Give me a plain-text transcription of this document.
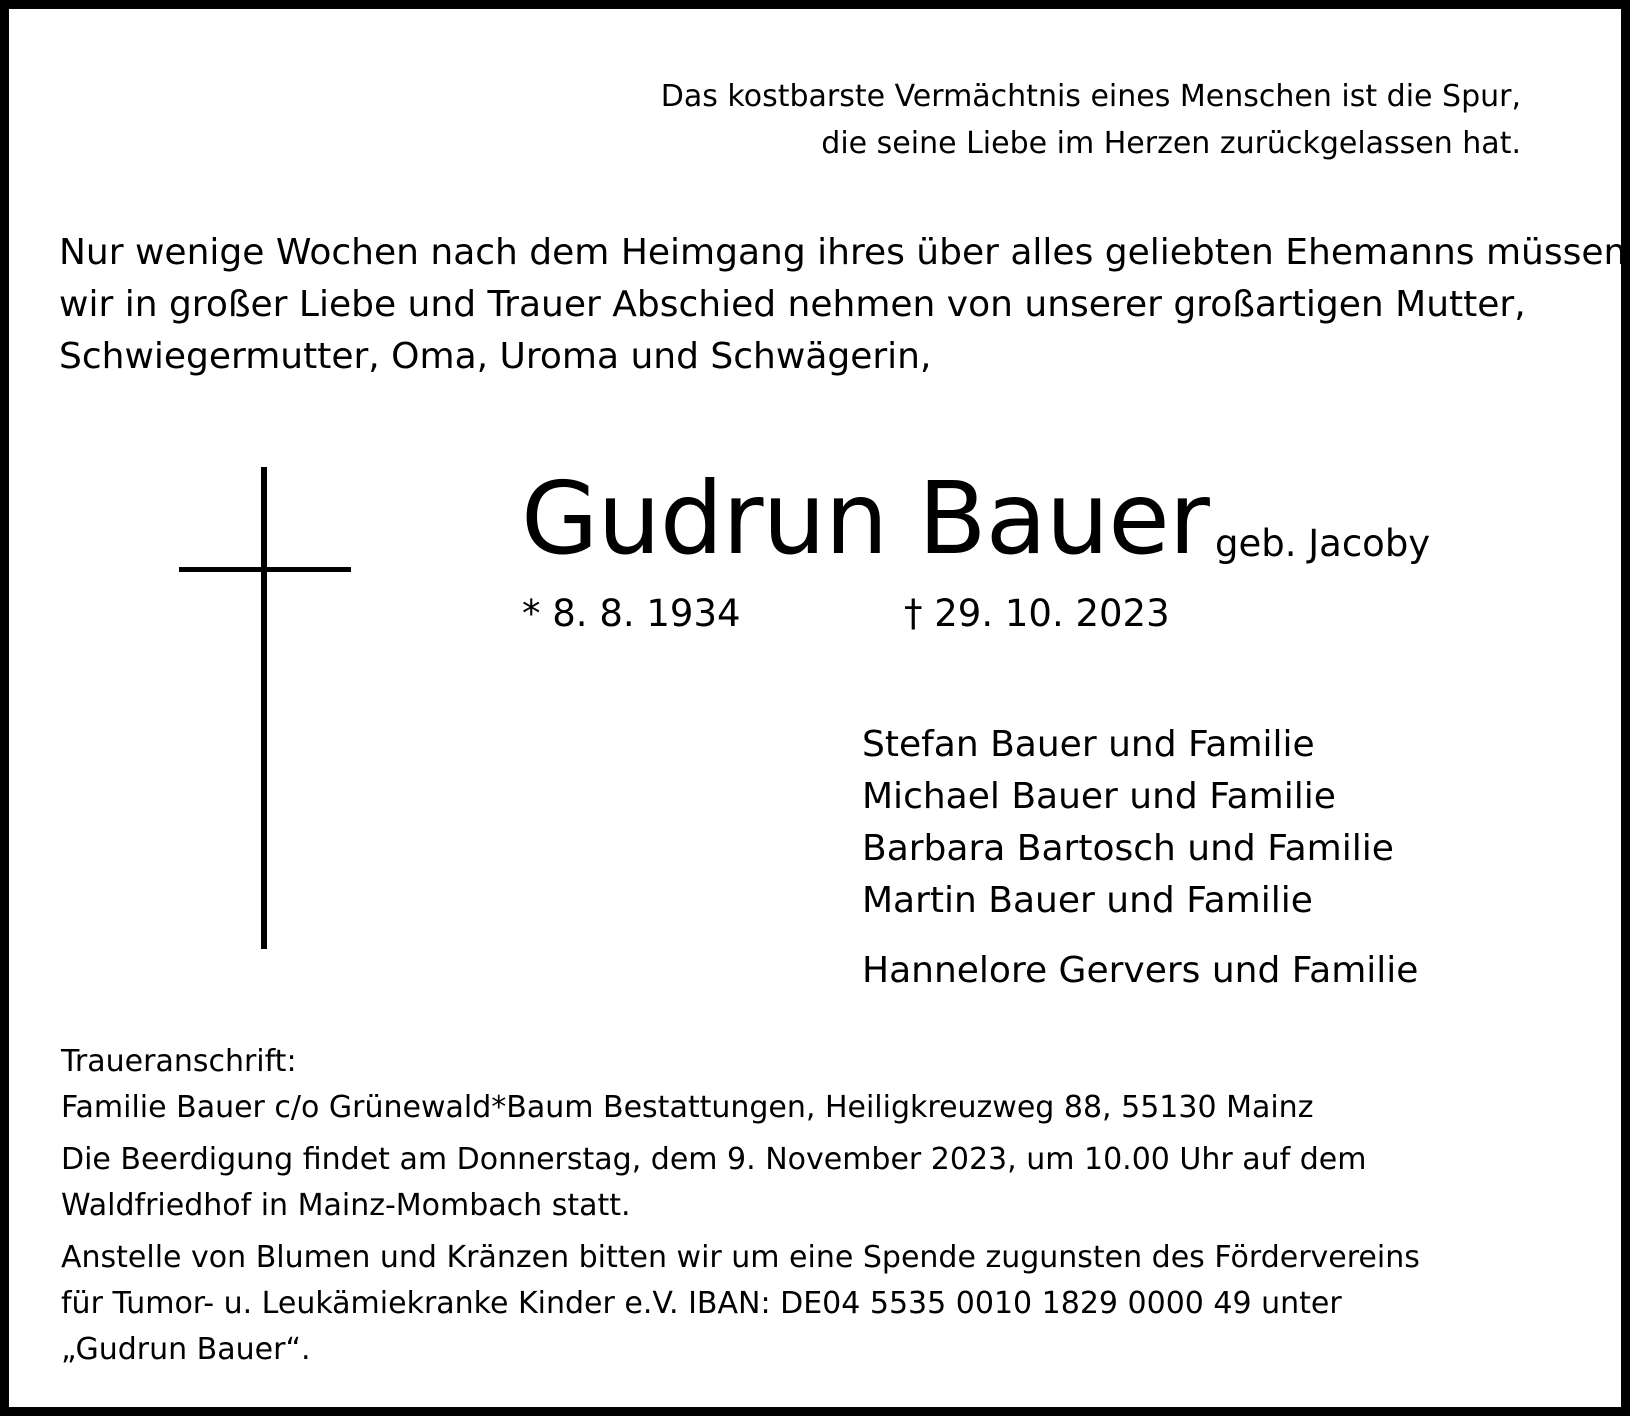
Das kostbarste Vermächtnis eines Menschen ist die Spur,
die seine Liebe im Herzen zurückgelassen hat.
Nur wenige Wochen nach dem Heimgang ihres über alles geliebten Ehemanns müssen
wir in großer Liebe und Trauer Abschied nehmen von unserer großartigen Mutter,
Schwiegermutter, Oma, Uroma und Schwägerin,
Gudrun Bauer geb. Jacoby
* 8. 8. 1934	† 29. 10. 2023
Stefan Bauer und Familie
Michael Bauer und Familie
Barbara Bartosch und Familie
Martin Bauer und Familie
Hannelore Gervers und Familie
Traueranschrift:
Familie Bauer c/o Grünewald*Baum Bestattungen, Heiligkreuzweg 88, 55130 Mainz
Die Beerdigung findet am Donnerstag, dem 9. November 2023, um 10.00 Uhr auf dem
Waldfriedhof in Mainz-Mombach statt.
Anstelle von Blumen und Kränzen bitten wir um eine Spende zugunsten des Fördervereins
für Tumor- u. Leukämiekranke Kinder e.V. IBAN: DE04 5535 0010 1829 0000 49 unter
„Gudrun Bauer“.
